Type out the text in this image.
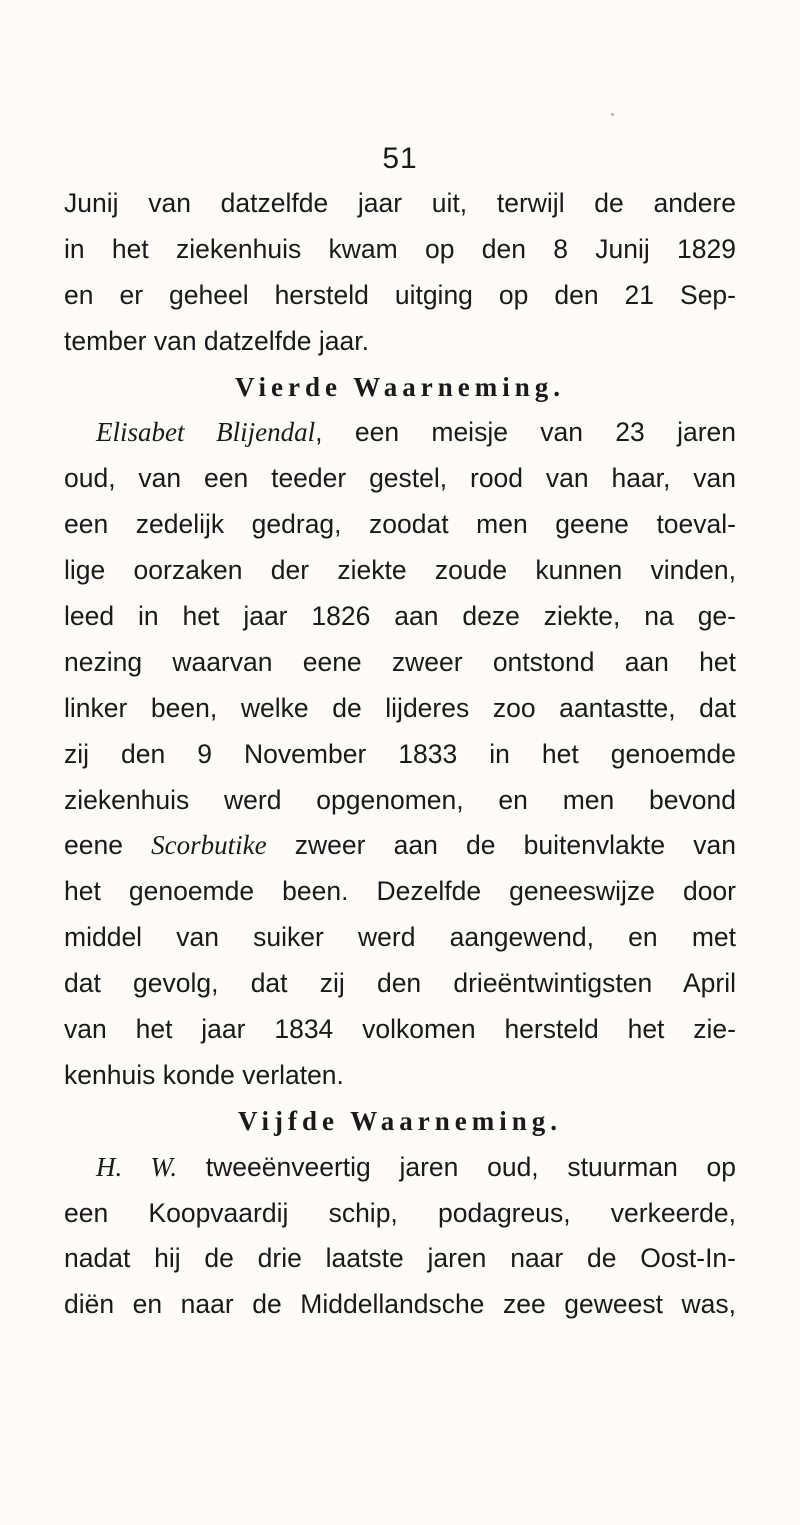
51
Junij van datzelfde jaar uit, terwijl de andere
in het ziekenhuis kwam op den 8 Junij 1829
en er geheel hersteld uitging op den 21 Sep-
tember van datzelfde jaar.
Vierde Waarneming.
Elisabet Blijendal, een meisje van 23 jaren
oud, van een teeder gestel, rood van haar, van
een zedelijk gedrag, zoodat men geene toeval-
lige oorzaken der ziekte zoude kunnen vinden,
leed in het jaar 1826 aan deze ziekte, na ge-
nezing waarvan eene zweer ontstond aan het
linker been, welke de lijderes zoo aantastte, dat
zij den 9 November 1833 in het genoemde
ziekenhuis werd opgenomen, en men bevond
eene Scorbutike zweer aan de buitenvlakte van
het genoemde been. Dezelfde geneeswijze door
middel van suiker werd aangewend, en met
dat gevolg, dat zij den drieëntwintigsten April
van het jaar 1834 volkomen hersteld het zie-
kenhuis konde verlaten.
Vijfde Waarneming.
H. W. tweeënveertig jaren oud, stuurman op
een Koopvaardij schip, podagreus, verkeerde,
nadat hij de drie laatste jaren naar de Oost-In-
diën en naar de Middellandsche zee geweest was,
